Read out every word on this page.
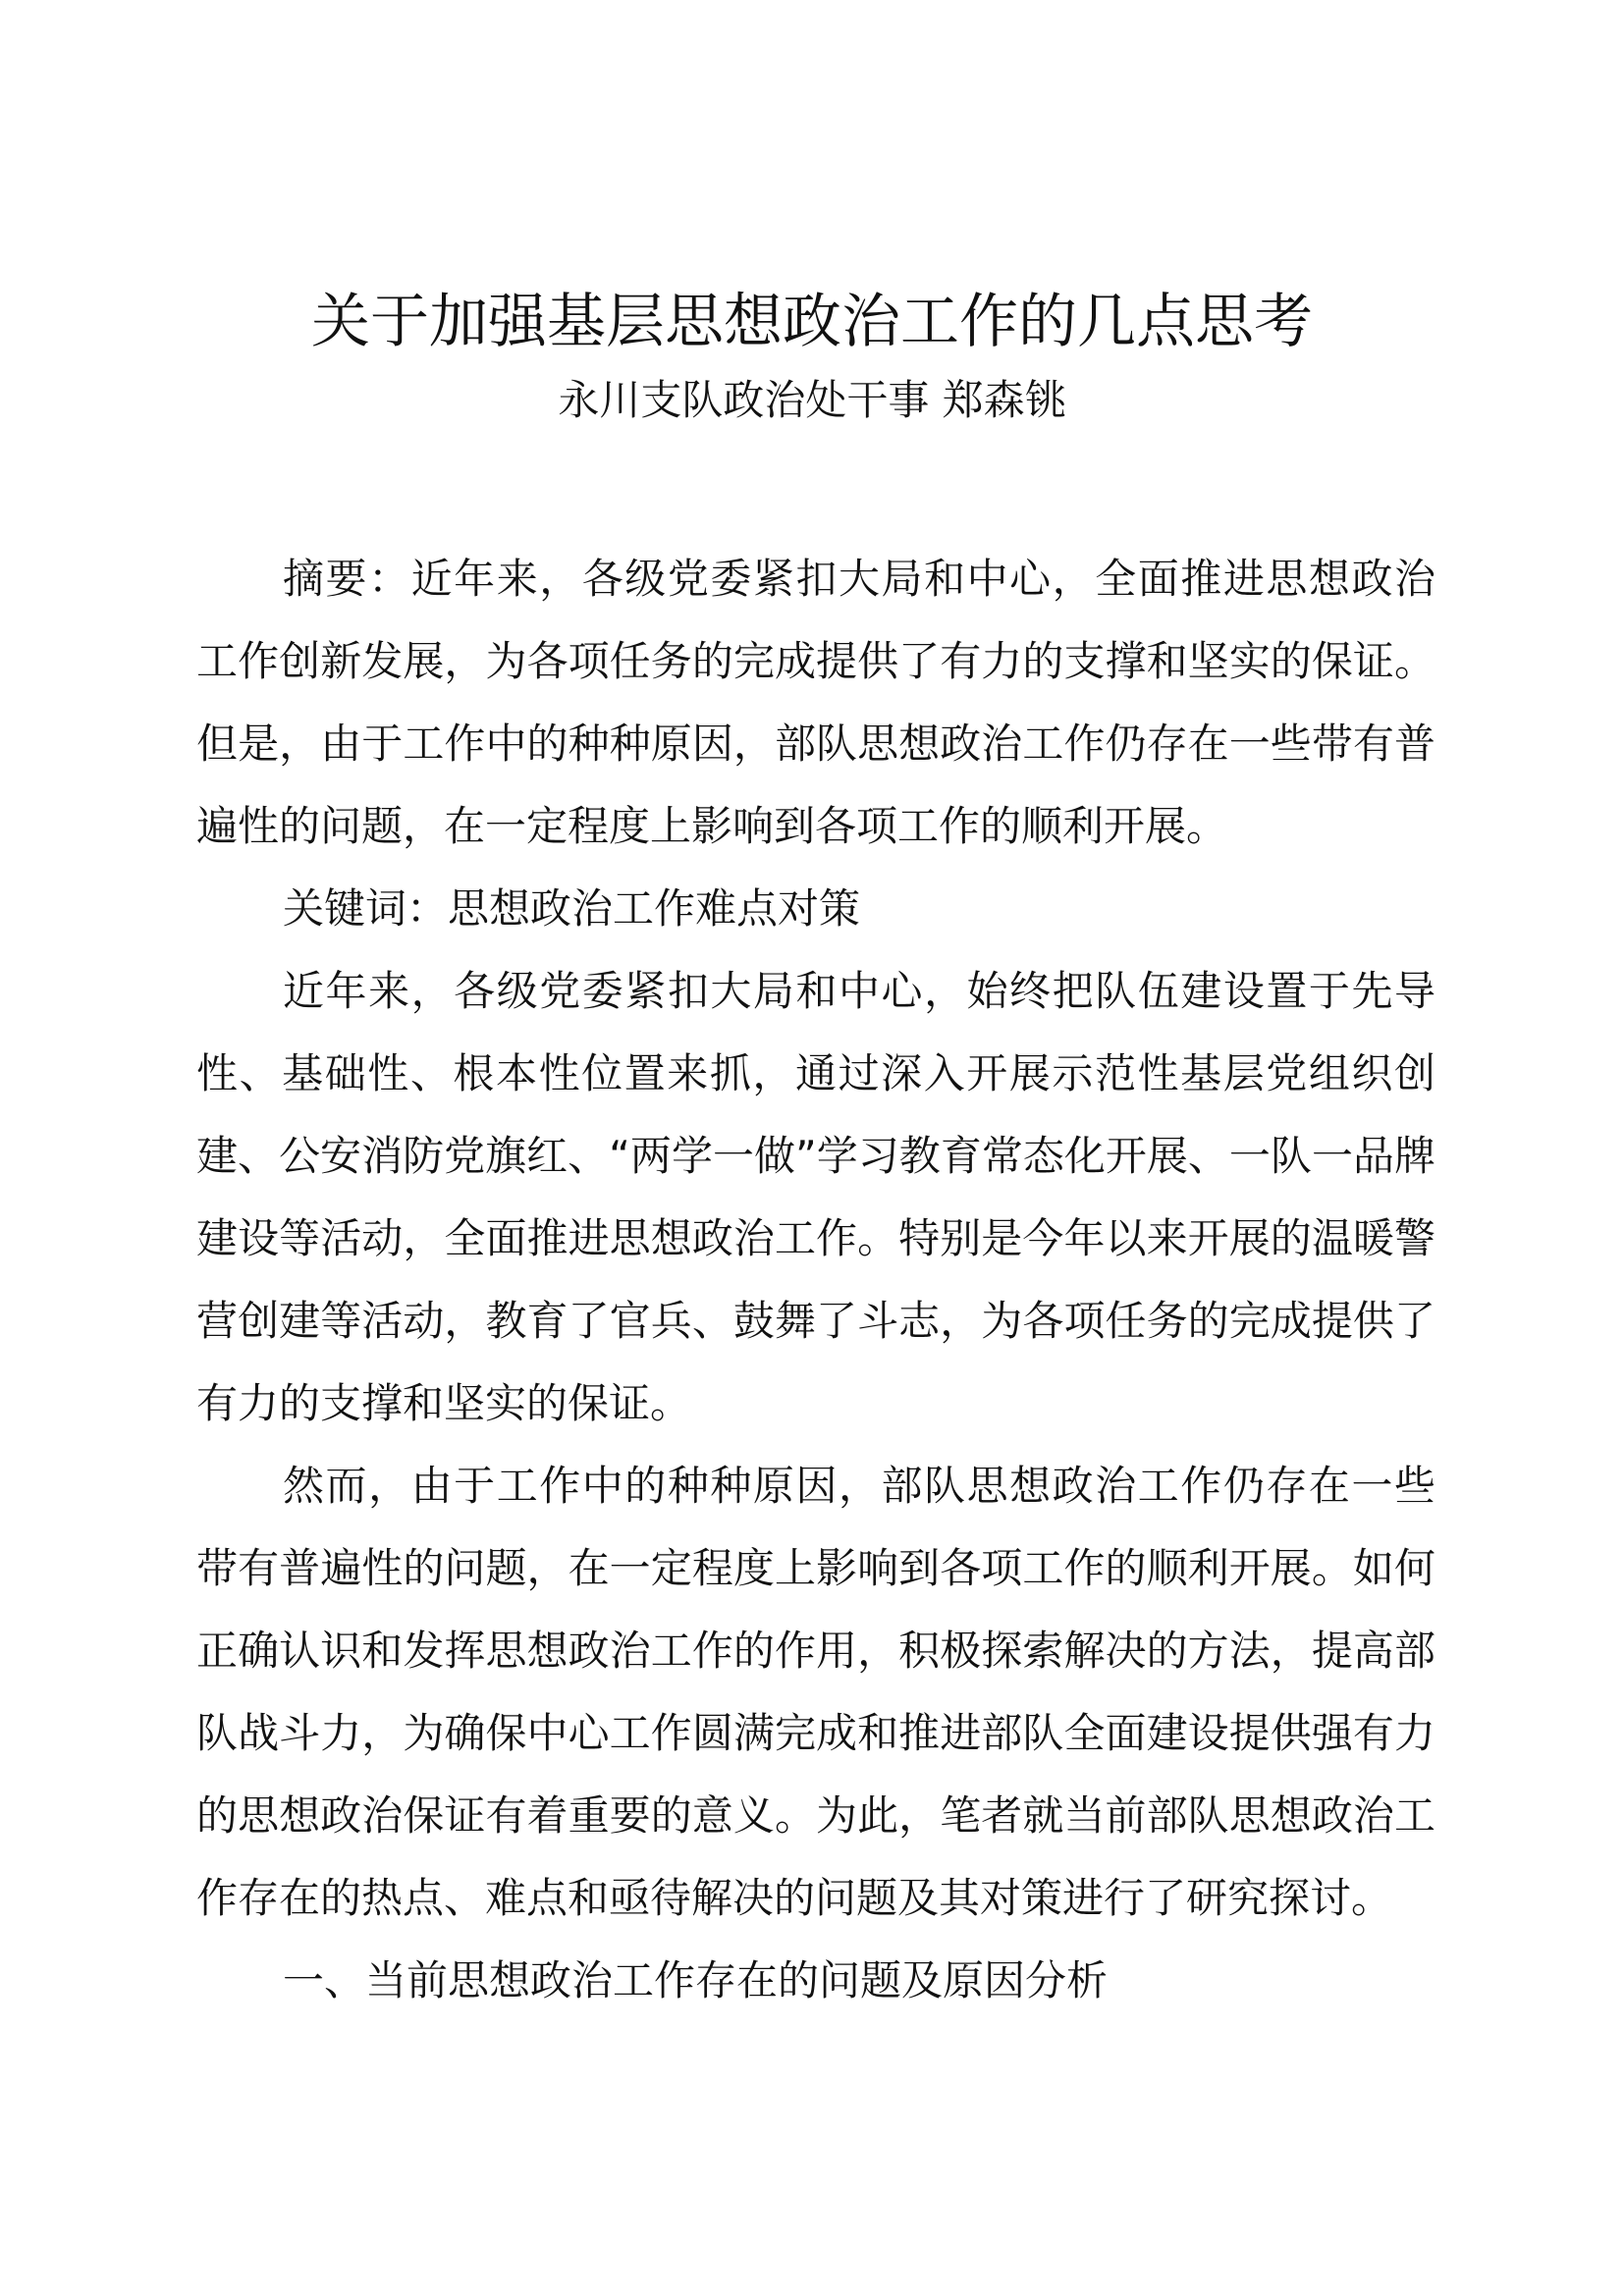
关于加强基层思想政治工作的几点思考
永川支队政治处干事 郑森铫

摘要：近年来，各级党委紧扣大局和中心，全面推进思想政治工作创新发展，为各项任务的完成提供了有力的支撑和坚实的保证。但是，由于工作中的种种原因，部队思想政治工作仍存在一些带有普遍性的问题，在一定程度上影响到各项工作的顺利开展。

关键词：思想政治工作难点对策

近年来，各级党委紧扣大局和中心，始终把队伍建设置于先导性、基础性、根本性位置来抓，通过深入开展示范性基层党组织创建、公安消防党旗红、“两学一做”学习教育常态化开展、一队一品牌建设等活动，全面推进思想政治工作。特别是今年以来开展的温暖警营创建等活动，教育了官兵、鼓舞了斗志，为各项任务的完成提供了有力的支撑和坚实的保证。

然而，由于工作中的种种原因，部队思想政治工作仍存在一些带有普遍性的问题，在一定程度上影响到各项工作的顺利开展。如何正确认识和发挥思想政治工作的作用，积极探索解决的方法，提高部队战斗力，为确保中心工作圆满完成和推进部队全面建设提供强有力的思想政治保证有着重要的意义。为此，笔者就当前部队思想政治工作存在的热点、难点和亟待解决的问题及其对策进行了研究探讨。

一、当前思想政治工作存在的问题及原因分析
